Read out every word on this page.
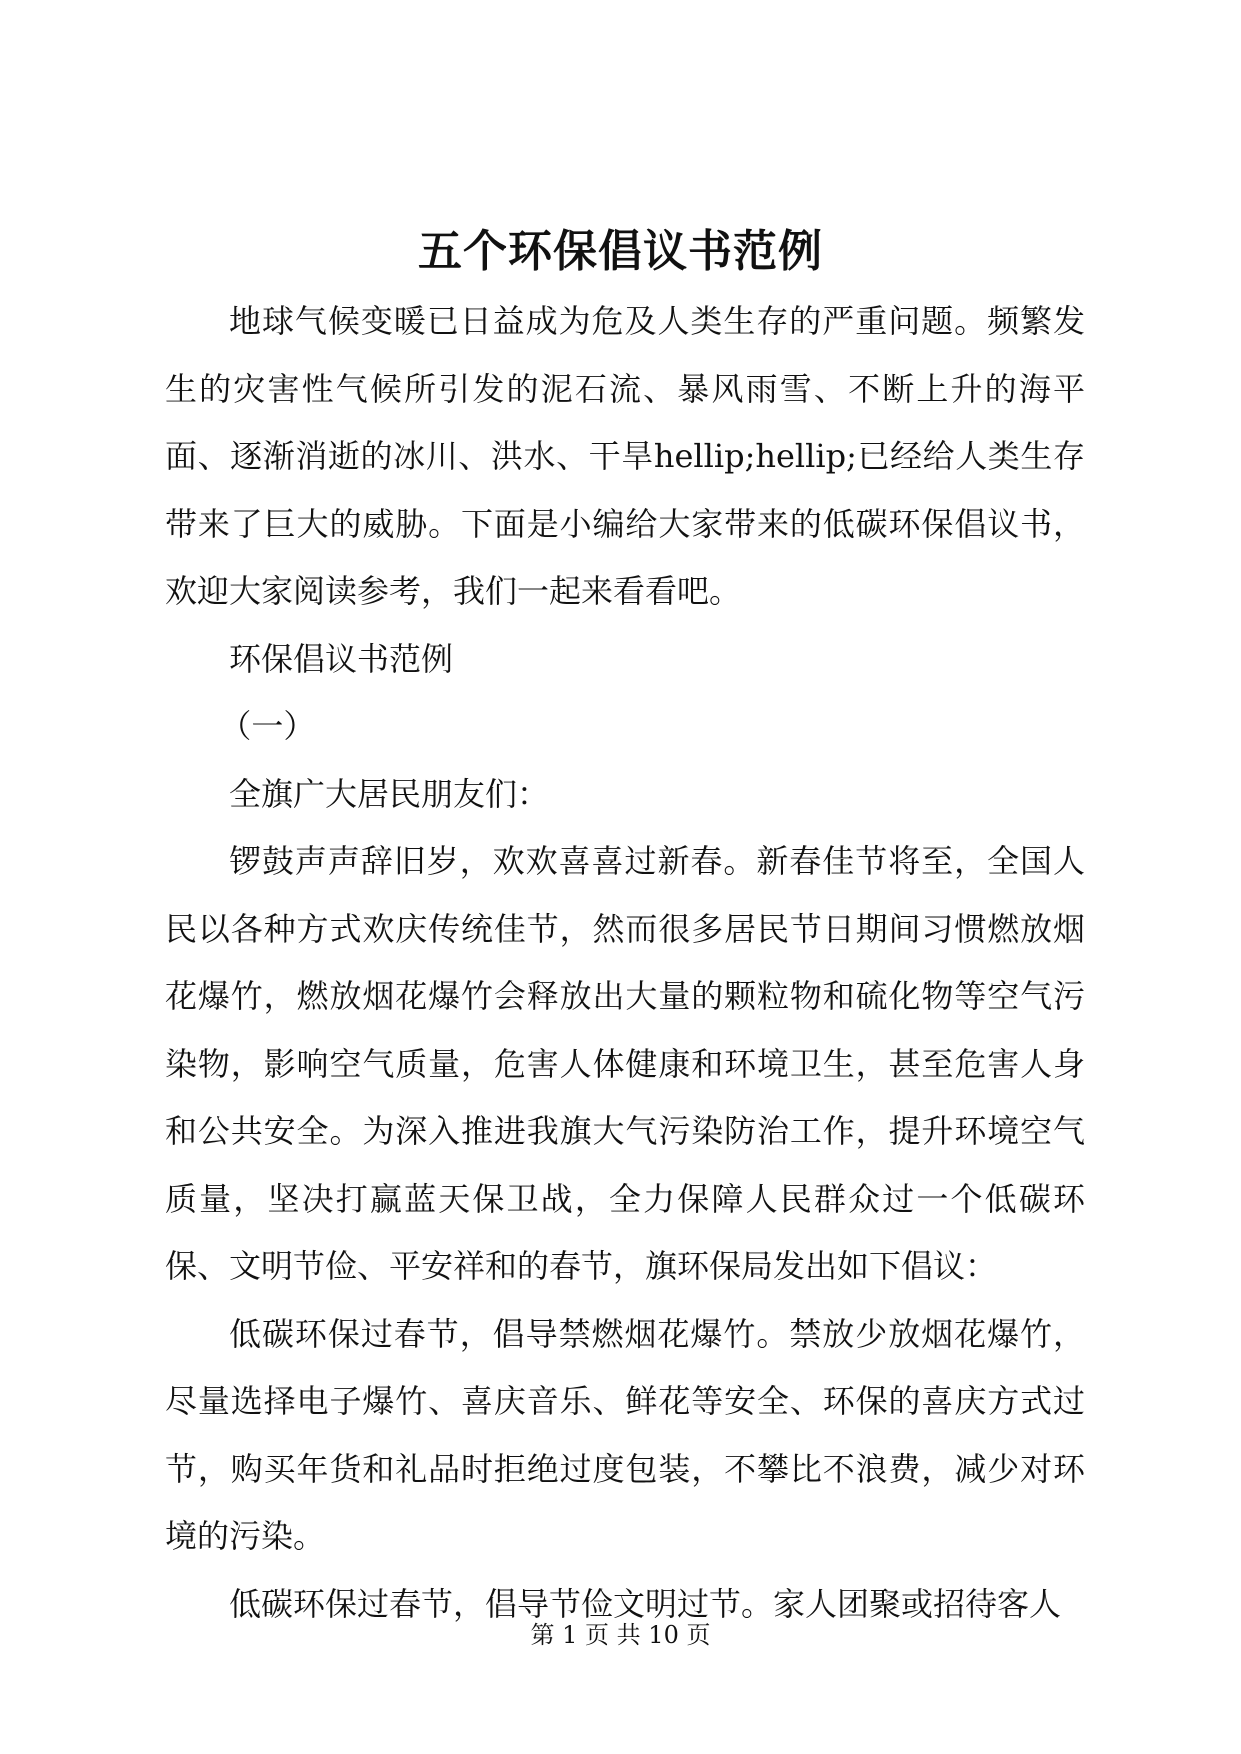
五个环保倡议书范例

地球气候变暖已日益成为危及人类生存的严重问题。频繁发生的灾害性气候所引发的泥石流、暴风雨雪、不断上升的海平面、逐渐消逝的冰川、洪水、干旱hellip;hellip;已经给人类生存带来了巨大的威胁。下面是小编给大家带来的低碳环保倡议书，欢迎大家阅读参考，我们一起来看看吧。

环保倡议书范例

（一）

全旗广大居民朋友们：

锣鼓声声辞旧岁，欢欢喜喜过新春。新春佳节将至，全国人民以各种方式欢庆传统佳节，然而很多居民节日期间习惯燃放烟花爆竹，燃放烟花爆竹会释放出大量的颗粒物和硫化物等空气污染物，影响空气质量，危害人体健康和环境卫生，甚至危害人身和公共安全。为深入推进我旗大气污染防治工作，提升环境空气质量，坚决打赢蓝天保卫战，全力保障人民群众过一个低碳环保、文明节俭、平安祥和的春节，旗环保局发出如下倡议：

低碳环保过春节，倡导禁燃烟花爆竹。禁放少放烟花爆竹，尽量选择电子爆竹、喜庆音乐、鲜花等安全、环保的喜庆方式过节，购买年货和礼品时拒绝过度包装，不攀比不浪费，减少对环境的污染。

低碳环保过春节，倡导节俭文明过节。家人团聚或招待客人

第 1 页 共 10 页
